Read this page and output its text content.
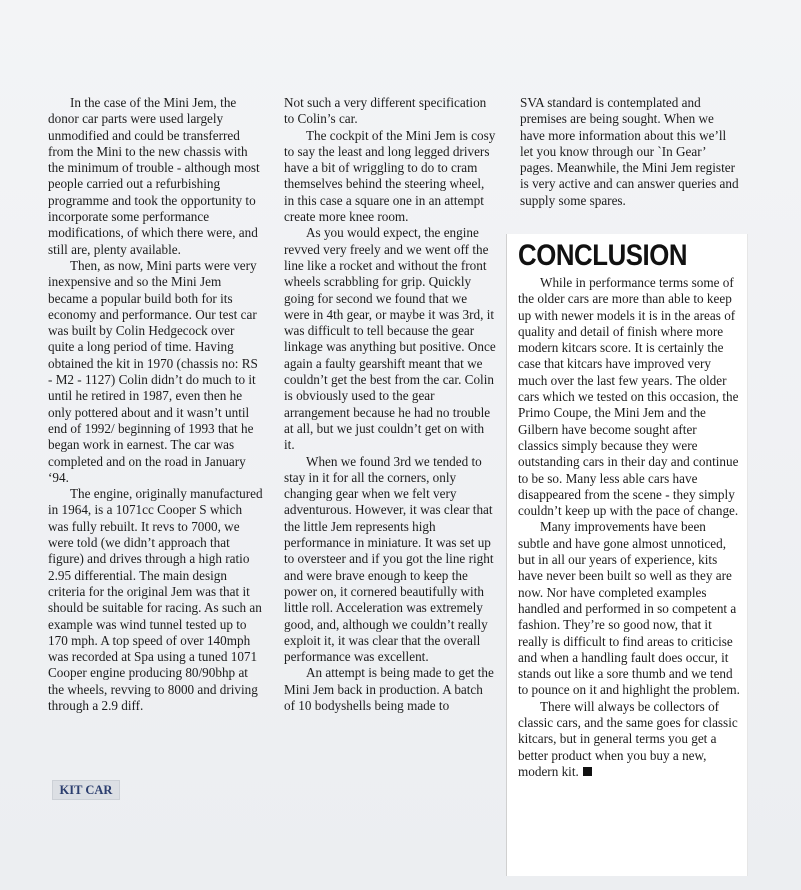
In the case of the Mini Jem, the donor car parts were used largely unmodified and could be transferred from the Mini to the new chassis with the minimum of trouble - although most people carried out a refurbishing programme and took the opportunity to incorporate some performance modifications, of which there were, and still are, plenty available.

Then, as now, Mini parts were very inexpensive and so the Mini Jem became a popular build both for its economy and performance. Our test car was built by Colin Hedgecock over quite a long period of time. Having obtained the kit in 1970 (chassis no: RS - M2 - 1127) Colin didn’t do much to it until he retired in 1987, even then he only pottered about and it wasn’t until end of 1992/ beginning of 1993 that he began work in earnest. The car was completed and on the road in January ‘94.

The engine, originally manufactured in 1964, is a 1071cc Cooper S which was fully rebuilt. It revs to 7000, we were told (we didn’t approach that figure) and drives through a high ratio 2.95 differential. The main design criteria for the original Jem was that it should be suitable for racing. As such an example was wind tunnel tested up to 170 mph. A top speed of over 140mph was recorded at Spa using a tuned 1071 Cooper engine producing 80/90bhp at the wheels, revving to 8000 and driving through a 2.9 diff.

Not such a very different specification to Colin’s car.

The cockpit of the Mini Jem is cosy to say the least and long legged drivers have a bit of wriggling to do to cram themselves behind the steering wheel, in this case a square one in an attempt create more knee room.

As you would expect, the engine revved very freely and we went off the line like a rocket and without the front wheels scrabbling for grip. Quickly going for second we found that we were in 4th gear, or maybe it was 3rd, it was difficult to tell because the gear linkage was anything but positive. Once again a faulty gearshift meant that we couldn’t get the best from the car. Colin is obviously used to the gear arrangement because he had no trouble at all, but we just couldn’t get on with it.

When we found 3rd we tended to stay in it for all the corners, only changing gear when we felt very adventurous. However, it was clear that the little Jem represents high performance in miniature. It was set up to oversteer and if you got the line right and were brave enough to keep the power on, it cornered beautifully with little roll. Acceleration was extremely good, and, although we couldn’t really exploit it, it was clear that the overall performance was excellent.

An attempt is being made to get the Mini Jem back in production. A batch of 10 bodyshells being made to

SVA standard is contemplated and premises are being sought. When we have more information about this we’ll let you know through our `In Gear’ pages. Meanwhile, the Mini Jem register is very active and can answer queries and supply some spares.

CONCLUSION

While in performance terms some of the older cars are more than able to keep up with newer models it is in the areas of quality and detail of finish where more modern kitcars score. It is certainly the case that kitcars have improved very much over the last few years. The older cars which we tested on this occasion, the Primo Coupe, the Mini Jem and the Gilbern have become sought after classics simply because they were outstanding cars in their day and continue to be so. Many less able cars have disappeared from the scene - they simply couldn’t keep up with the pace of change.

Many improvements have been subtle and have gone almost unnoticed, but in all our years of experience, kits have never been built so well as they are now. Nor have completed examples handled and performed in so competent a fashion. They’re so good now, that it really is difficult to find areas to criticise and when a handling fault does occur, it stands out like a sore thumb and we tend to pounce on it and highlight the problem.

There will always be collectors of classic cars, and the same goes for classic kitcars, but in general terms you get a better product when you buy a new, modern kit.

KIT CAR
